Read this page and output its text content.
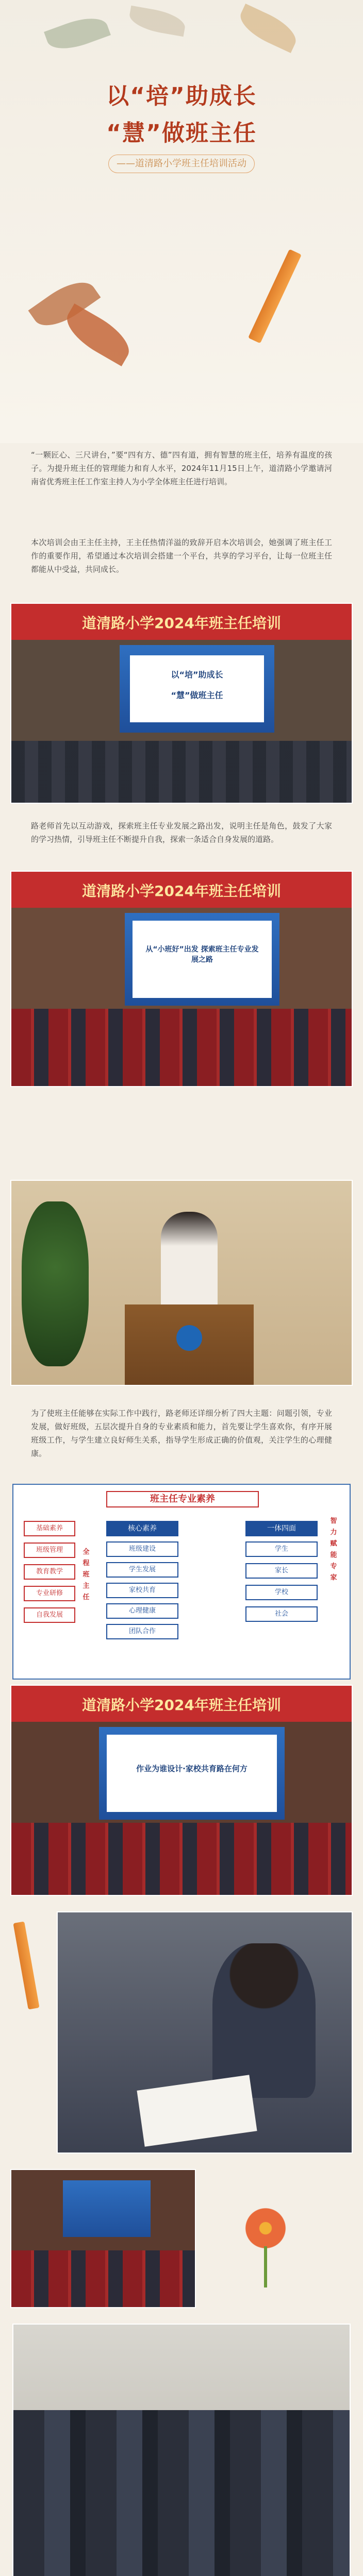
以“培”助成长
“慧”做班主任
——道清路小学班主任培训活动
“一颗匠心、三尺讲台，”要“四有方、德”四有道，拥有智慧的班主任，培养有温度的孩子。为提升班主任的管理能力和育人水平，2024年11月15日上午，道清路小学邀请河南省优秀班主任工作室主持人为小学全体班主任进行培训。
本次培训会由王主任主持，王主任热情洋溢的致辞开启本次培训会，她强调了班主任工作的重要作用，希望通过本次培训会搭建一个平台，共享的学习平台，让每一位班主任都能从中受益，共同成长。
道清路小学2024年班主任培训
以“培”助成长
“慧”做班主任
路老师首先以互动游戏，探索班主任专业发展之路出发，说明主任是角色，鼓发了大家的学习热情，引导班主任不断提升自我，探索一条适合自身发展的道路。
道清路小学2024年班主任培训
从“小班好”出发 探索班主任专业发展之路
为了使班主任能够在实际工作中践行，路老师还详细分析了四大主题：问题引领，专业发展，做好班级，五层次提升自身的专业素质和能力，首先要让学生喜欢你，有序开展班级工作，与学生建立良好师生关系，指导学生形成正确的价值观，关注学生的心理健康。
班主任专业素养
全程班主任
智力赋能专家
基础素养
班级管理
教育教学
专业研修
自我发展
核心素养
班级建设
学生发展
家校共育
心理健康
团队合作
一体四面
学生
家长
学校
社会
道清路小学2024年班主任培训
作业为谁设计·家校共育路在何方
